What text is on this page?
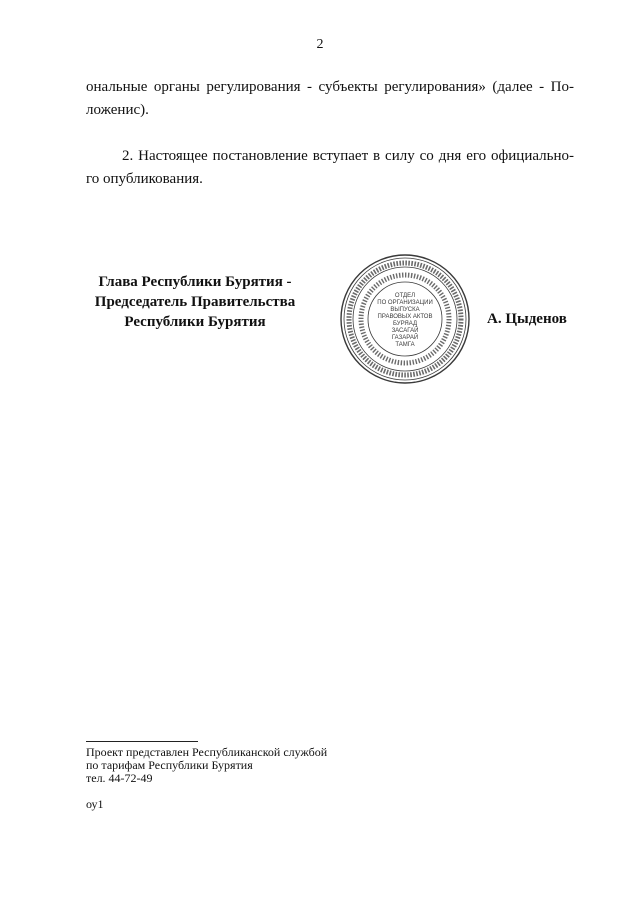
2
ональные органы регулирования - субъекты регулирования» (далее - По-
ложенис).
2. Настоящее постановление вступает в силу со дня его официально-
го опубликования.
Глава Республики Бурятия -
Председатель Правительства
Республики Бурятия
ОТДЕЛ
ПО ОРГАНИЗАЦИИ
ВЫПУСКА
ПРАВОВЫХ АКТОВ
БУРЯАД
ЗАСАГАЙ
ГАЗАРАЙ
ТАМГА
А. Цыденов
Проект представлен Республиканской службой
по тарифам Республики Бурятия
тел. 44-72-49
оу1
